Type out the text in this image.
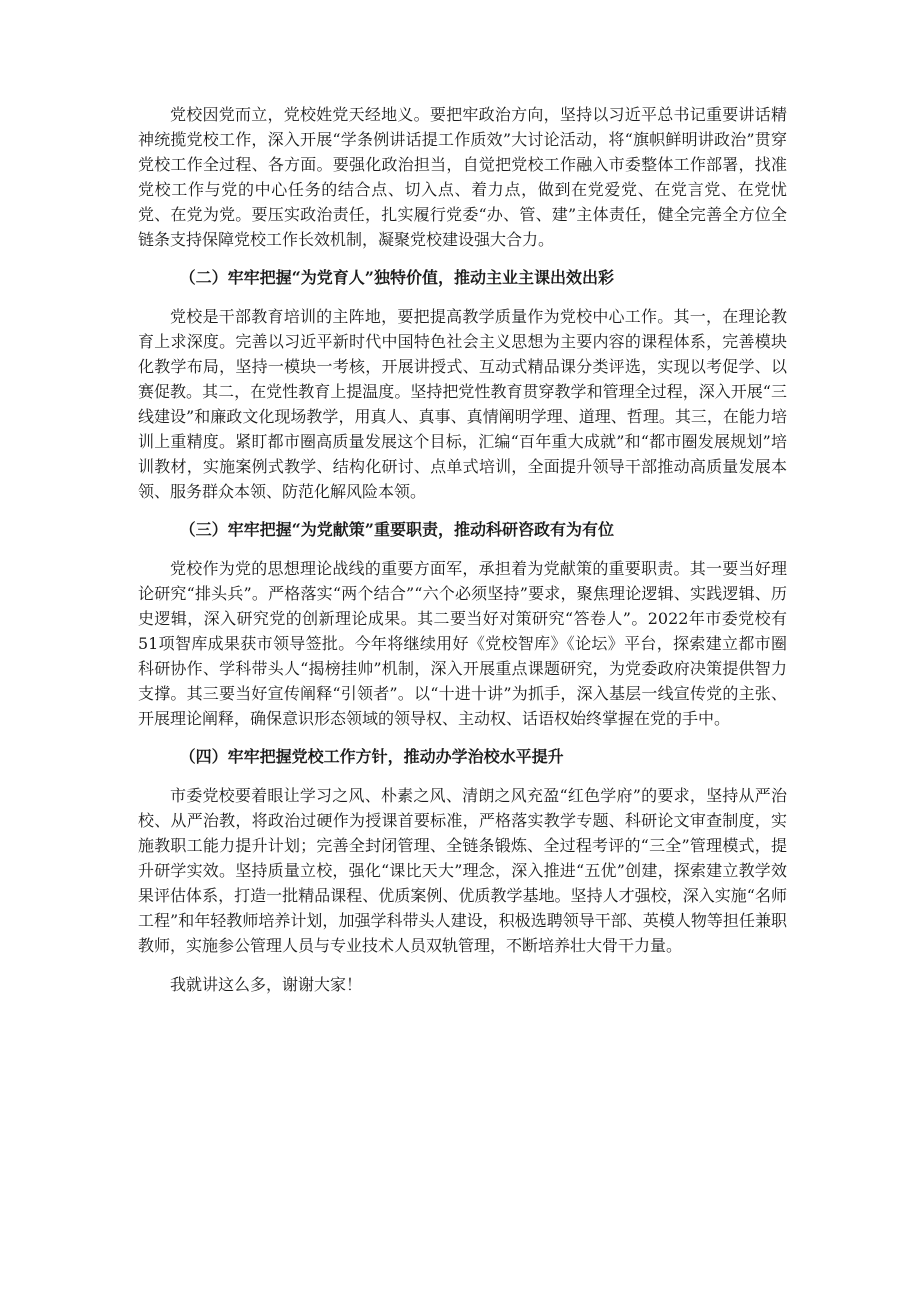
党校因党而立，党校姓党天经地义。要把牢政治方向，坚持以习近平总书记重要讲话精神统揽党校工作，深入开展“学条例讲话提工作质效”大讨论活动，将“旗帜鲜明讲政治”贯穿党校工作全过程、各方面。要强化政治担当，自觉把党校工作融入市委整体工作部署，找准党校工作与党的中心任务的结合点、切入点、着力点，做到在党爱党、在党言党、在党忧党、在党为党。要压实政治责任，扎实履行党委“办、管、建”主体责任，健全完善全方位全链条支持保障党校工作长效机制，凝聚党校建设强大合力。

（二）牢牢把握“为党育人”独特价值，推动主业主课出效出彩

党校是干部教育培训的主阵地，要把提高教学质量作为党校中心工作。其一，在理论教育上求深度。完善以习近平新时代中国特色社会主义思想为主要内容的课程体系，完善模块化教学布局，坚持一模块一考核，开展讲授式、互动式精品课分类评选，实现以考促学、以赛促教。其二，在党性教育上提温度。坚持把党性教育贯穿教学和管理全过程，深入开展“三线建设”和廉政文化现场教学，用真人、真事、真情阐明学理、道理、哲理。其三，在能力培训上重精度。紧盯都市圈高质量发展这个目标，汇编“百年重大成就”和“都市圈发展规划”培训教材，实施案例式教学、结构化研讨、点单式培训，全面提升领导干部推动高质量发展本领、服务群众本领、防范化解风险本领。

（三）牢牢把握“为党献策”重要职责，推动科研咨政有为有位

党校作为党的思想理论战线的重要方面军，承担着为党献策的重要职责。其一要当好理论研究“排头兵”。严格落实“两个结合”“六个必须坚持”要求，聚焦理论逻辑、实践逻辑、历史逻辑，深入研究党的创新理论成果。其二要当好对策研究“答卷人”。2022年市委党校有51项智库成果获市领导签批。今年将继续用好《党校智库》《论坛》平台，探索建立都市圈科研协作、学科带头人“揭榜挂帅”机制，深入开展重点课题研究，为党委政府决策提供智力支撑。其三要当好宣传阐释“引领者”。以“十进十讲”为抓手，深入基层一线宣传党的主张、开展理论阐释，确保意识形态领域的领导权、主动权、话语权始终掌握在党的手中。

（四）牢牢把握党校工作方针，推动办学治校水平提升

市委党校要着眼让学习之风、朴素之风、清朗之风充盈“红色学府”的要求，坚持从严治校、从严治教，将政治过硬作为授课首要标准，严格落实教学专题、科研论文审查制度，实施教职工能力提升计划；完善全封闭管理、全链条锻炼、全过程考评的“三全”管理模式，提升研学实效。坚持质量立校，强化“课比天大”理念，深入推进“五优”创建，探索建立教学效果评估体系，打造一批精品课程、优质案例、优质教学基地。坚持人才强校，深入实施“名师工程”和年轻教师培养计划，加强学科带头人建设，积极选聘领导干部、英模人物等担任兼职教师，实施参公管理人员与专业技术人员双轨管理，不断培养壮大骨干力量。

我就讲这么多，谢谢大家！
